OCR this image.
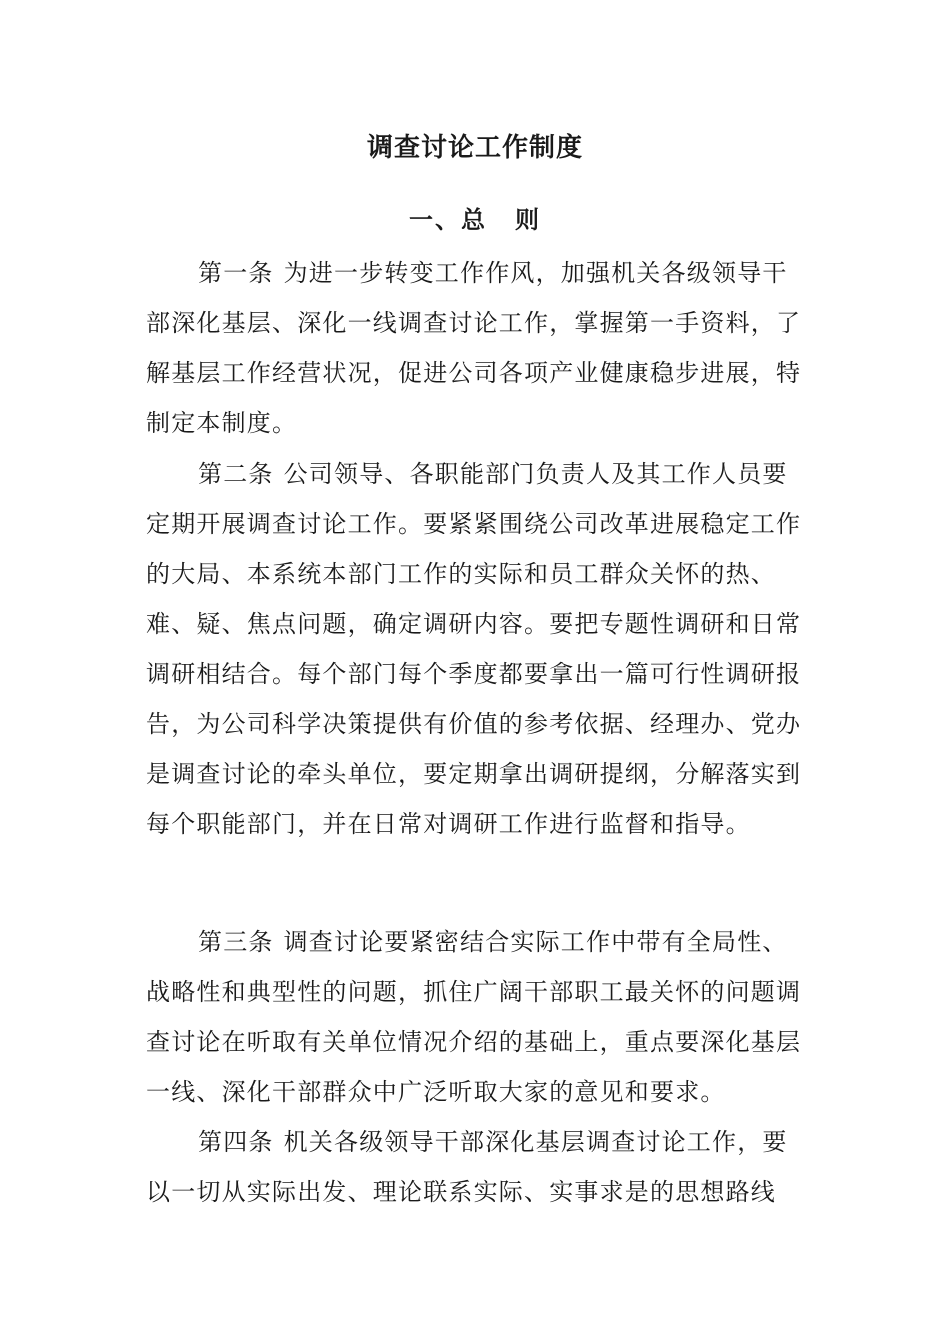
调查讨论工作制度
一、总 则

第一条 为进一步转变工作作风，加强机关各级领导干部深化基层、深化一线调查讨论工作，掌握第一手资料，了解基层工作经营状况，促进公司各项产业健康稳步进展，特制定本制度。

第二条 公司领导、各职能部门负责人及其工作人员要定期开展调查讨论工作。要紧紧围绕公司改革进展稳定工作的大局、本系统本部门工作的实际和员工群众关怀的热、难、疑、焦点问题，确定调研内容。要把专题性调研和日常调研相结合。每个部门每个季度都要拿出一篇可行性调研报告，为公司科学决策提供有价值的参考依据、经理办、党办是调查讨论的牵头单位，要定期拿出调研提纲，分解落实到每个职能部门，并在日常对调研工作进行监督和指导。

第三条 调查讨论要紧密结合实际工作中带有全局性、战略性和典型性的问题，抓住广阔干部职工最关怀的问题调查讨论在听取有关单位情况介绍的基础上，重点要深化基层一线、深化干部群众中广泛听取大家的意见和要求。

第四条 机关各级领导干部深化基层调查讨论工作，要以一切从实际出发、理论联系实际、实事求是的思想路线
